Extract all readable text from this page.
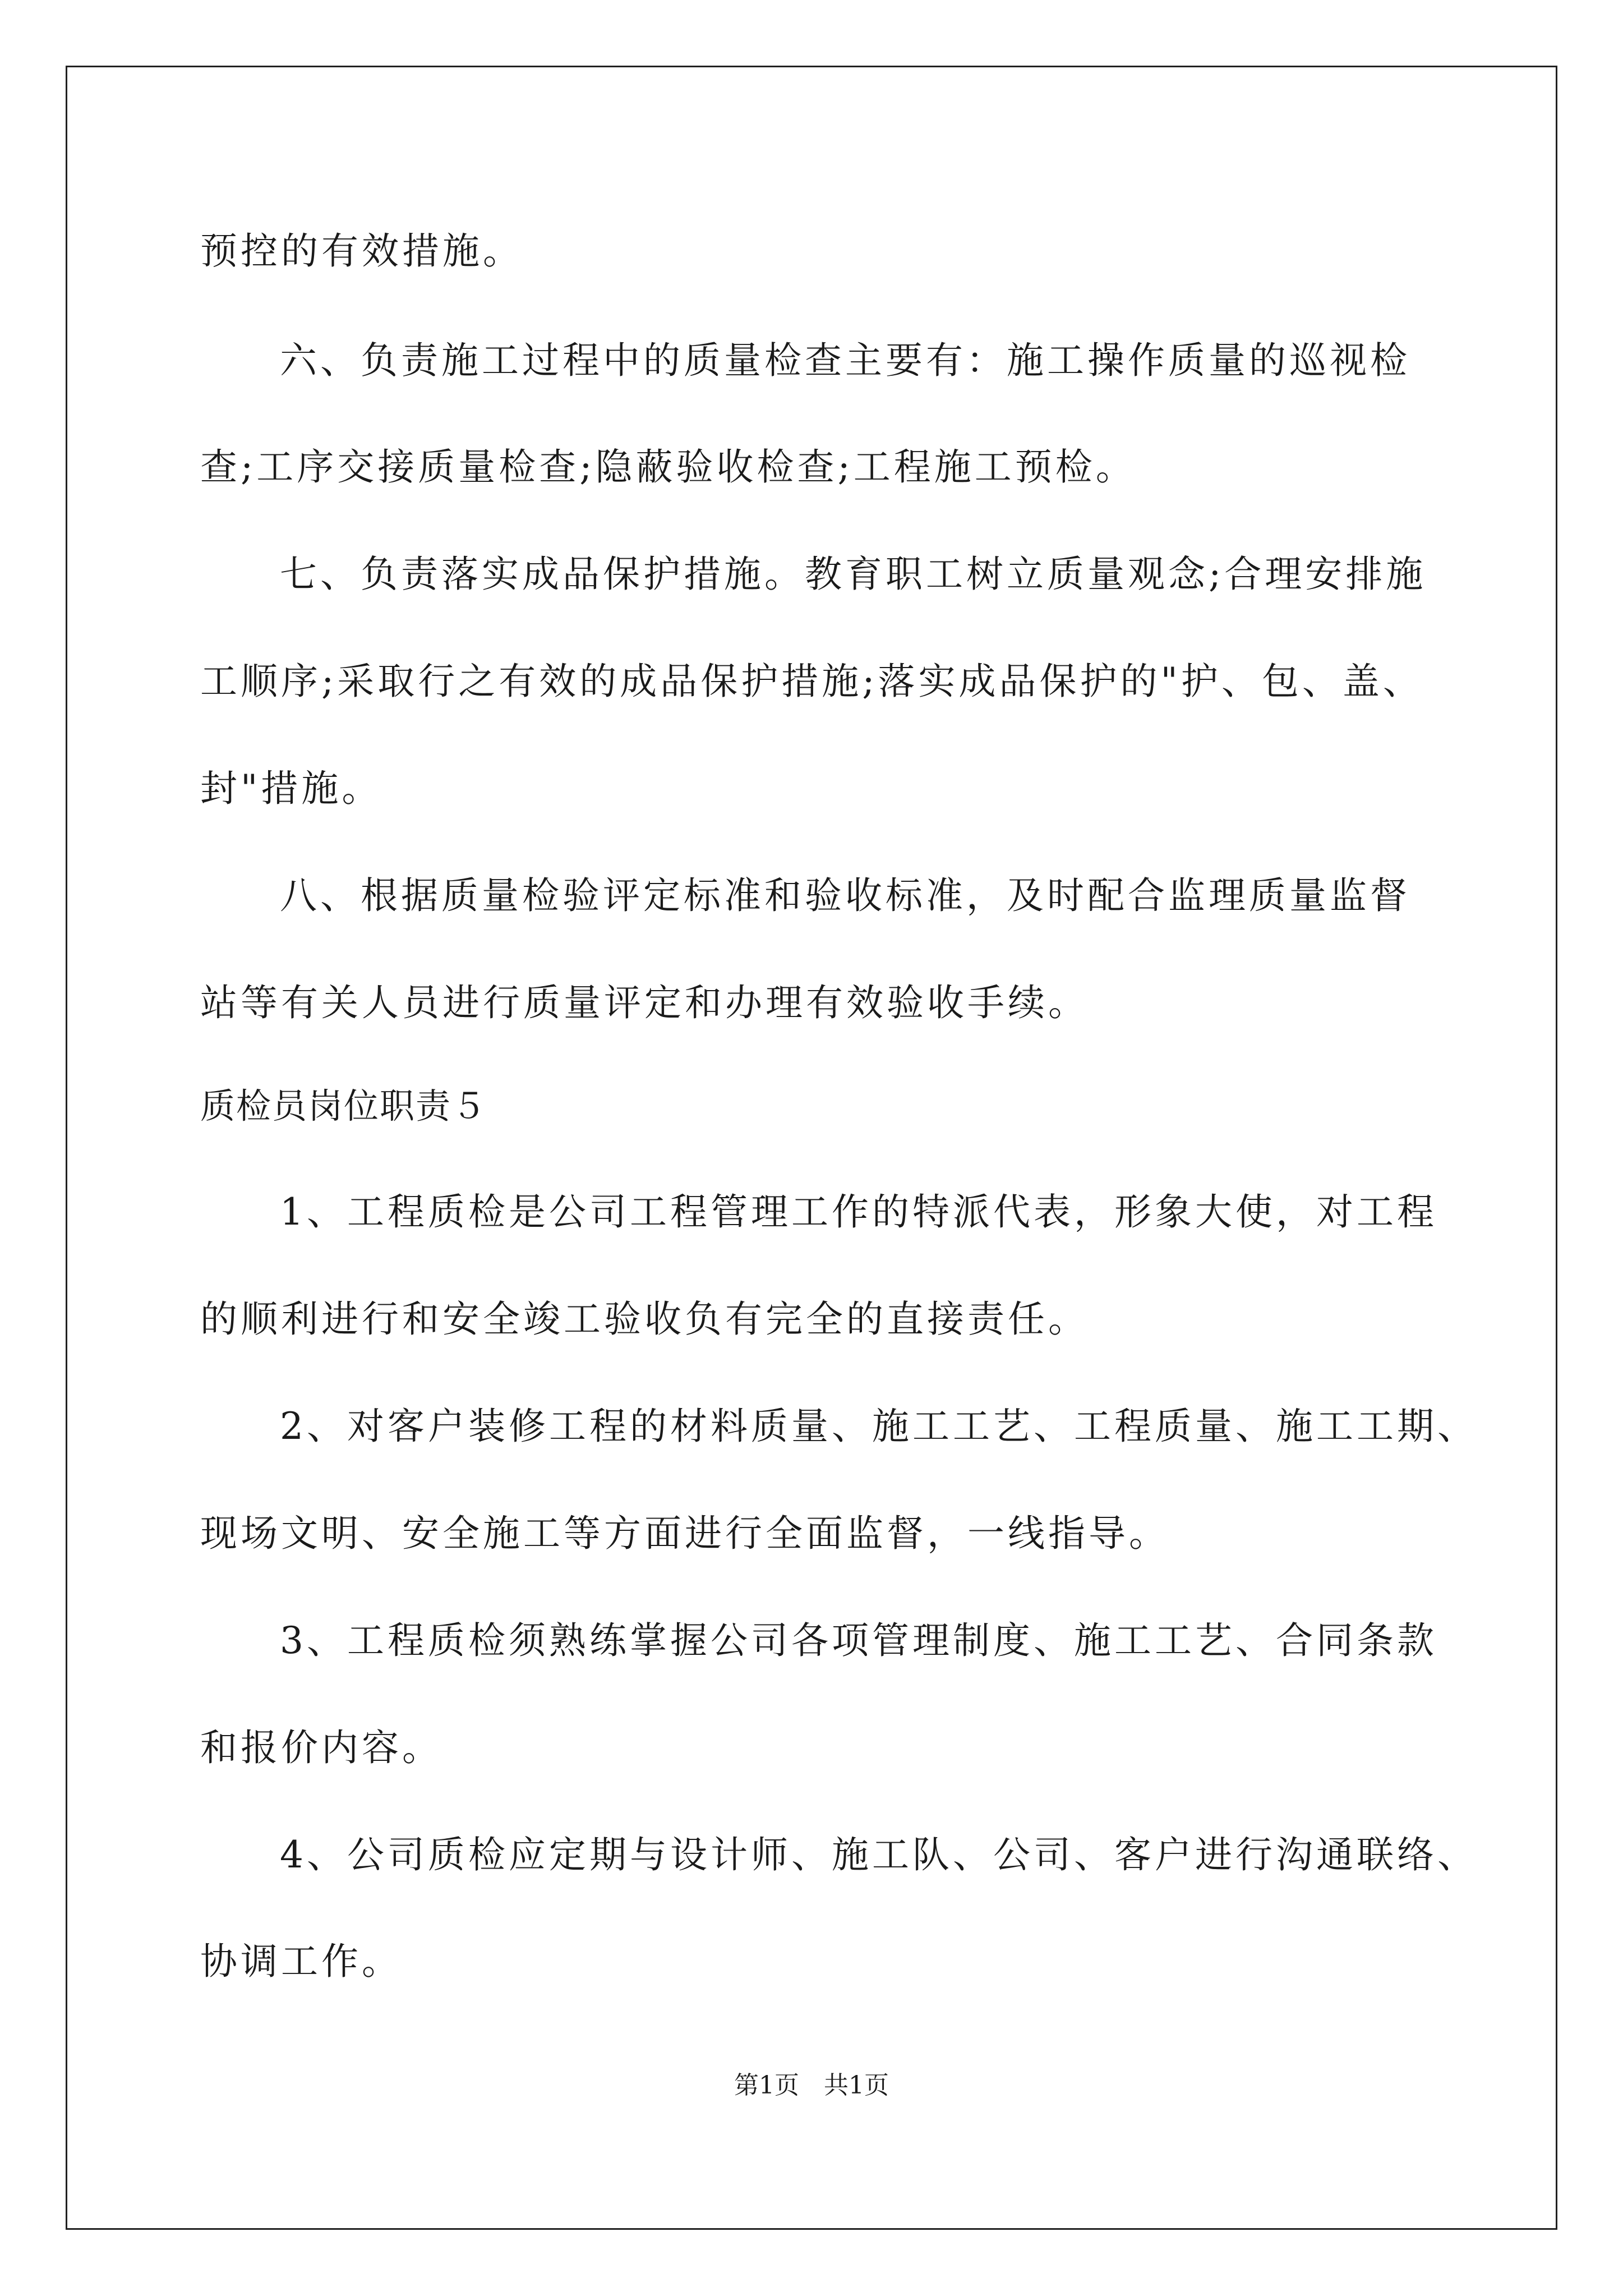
预控的有效措施。
六、负责施工过程中的质量检查主要有：施工操作质量的巡视检
查;工序交接质量检查;隐蔽验收检查;工程施工预检。
七、负责落实成品保护措施。教育职工树立质量观念;合理安排施
工顺序;采取行之有效的成品保护措施;落实成品保护的"护、包、盖、
封"措施。
八、根据质量检验评定标准和验收标准，及时配合监理质量监督
站等有关人员进行质量评定和办理有效验收手续。
质检员岗位职责５
1、工程质检是公司工程管理工作的特派代表，形象大使，对工程
的顺利进行和安全竣工验收负有完全的直接责任。
2、对客户装修工程的材料质量、施工工艺、工程质量、施工工期、
现场文明、安全施工等方面进行全面监督，一线指导。
3、工程质检须熟练掌握公司各项管理制度、施工工艺、合同条款
和报价内容。
4、公司质检应定期与设计师、施工队、公司、客户进行沟通联络、
协调工作。
第1页　共1页
